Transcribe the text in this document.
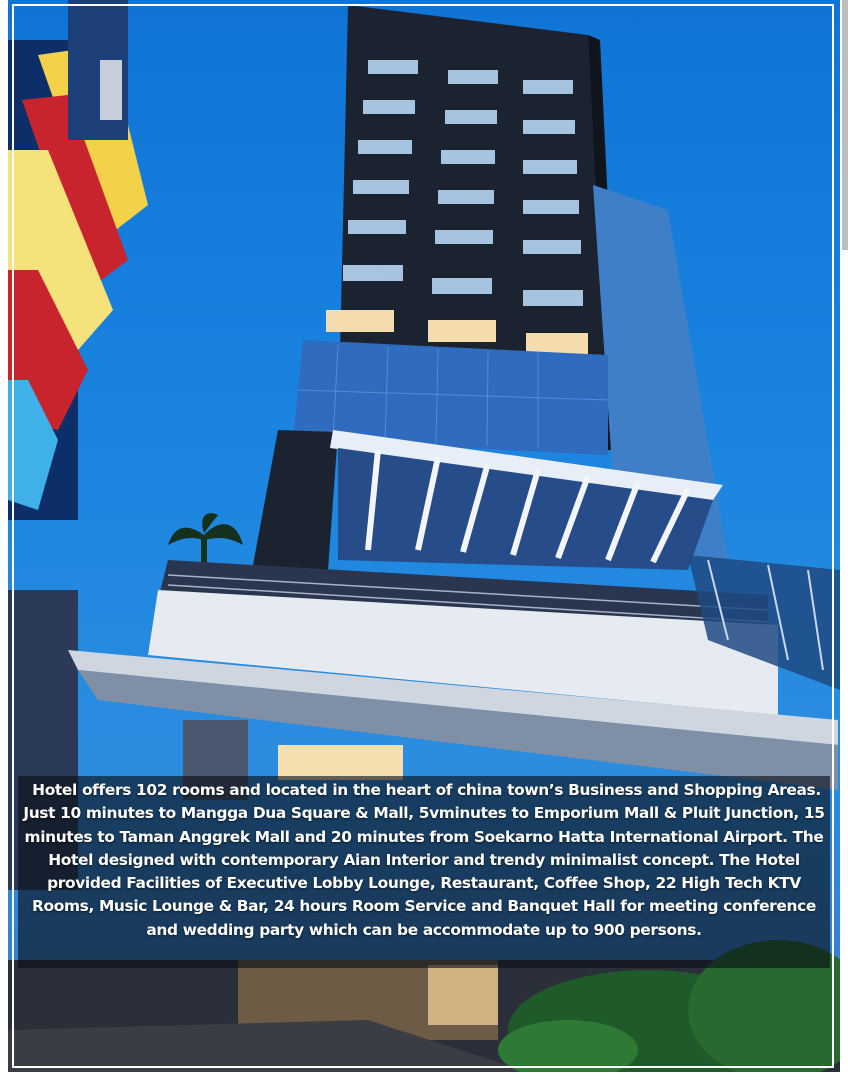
Hotel offers 102 rooms and located in the heart of china town’s Business and Shopping Areas. Just 10 minutes to Mangga Dua Square & Mall, 5vminutes to Emporium Mall & Pluit Junction, 15 minutes to Taman Anggrek Mall and 20 minutes from Soekarno Hatta International Airport. The Hotel designed with contemporary Aian Interior and trendy minimalist concept. The Hotel provided Facilities of Executive Lobby Lounge, Restaurant, Coffee Shop, 22 High Tech KTV Rooms, Music Lounge & Bar, 24 hours Room Service and Banquet Hall for meeting conference and wedding party which can be accommodate up to 900 persons.
